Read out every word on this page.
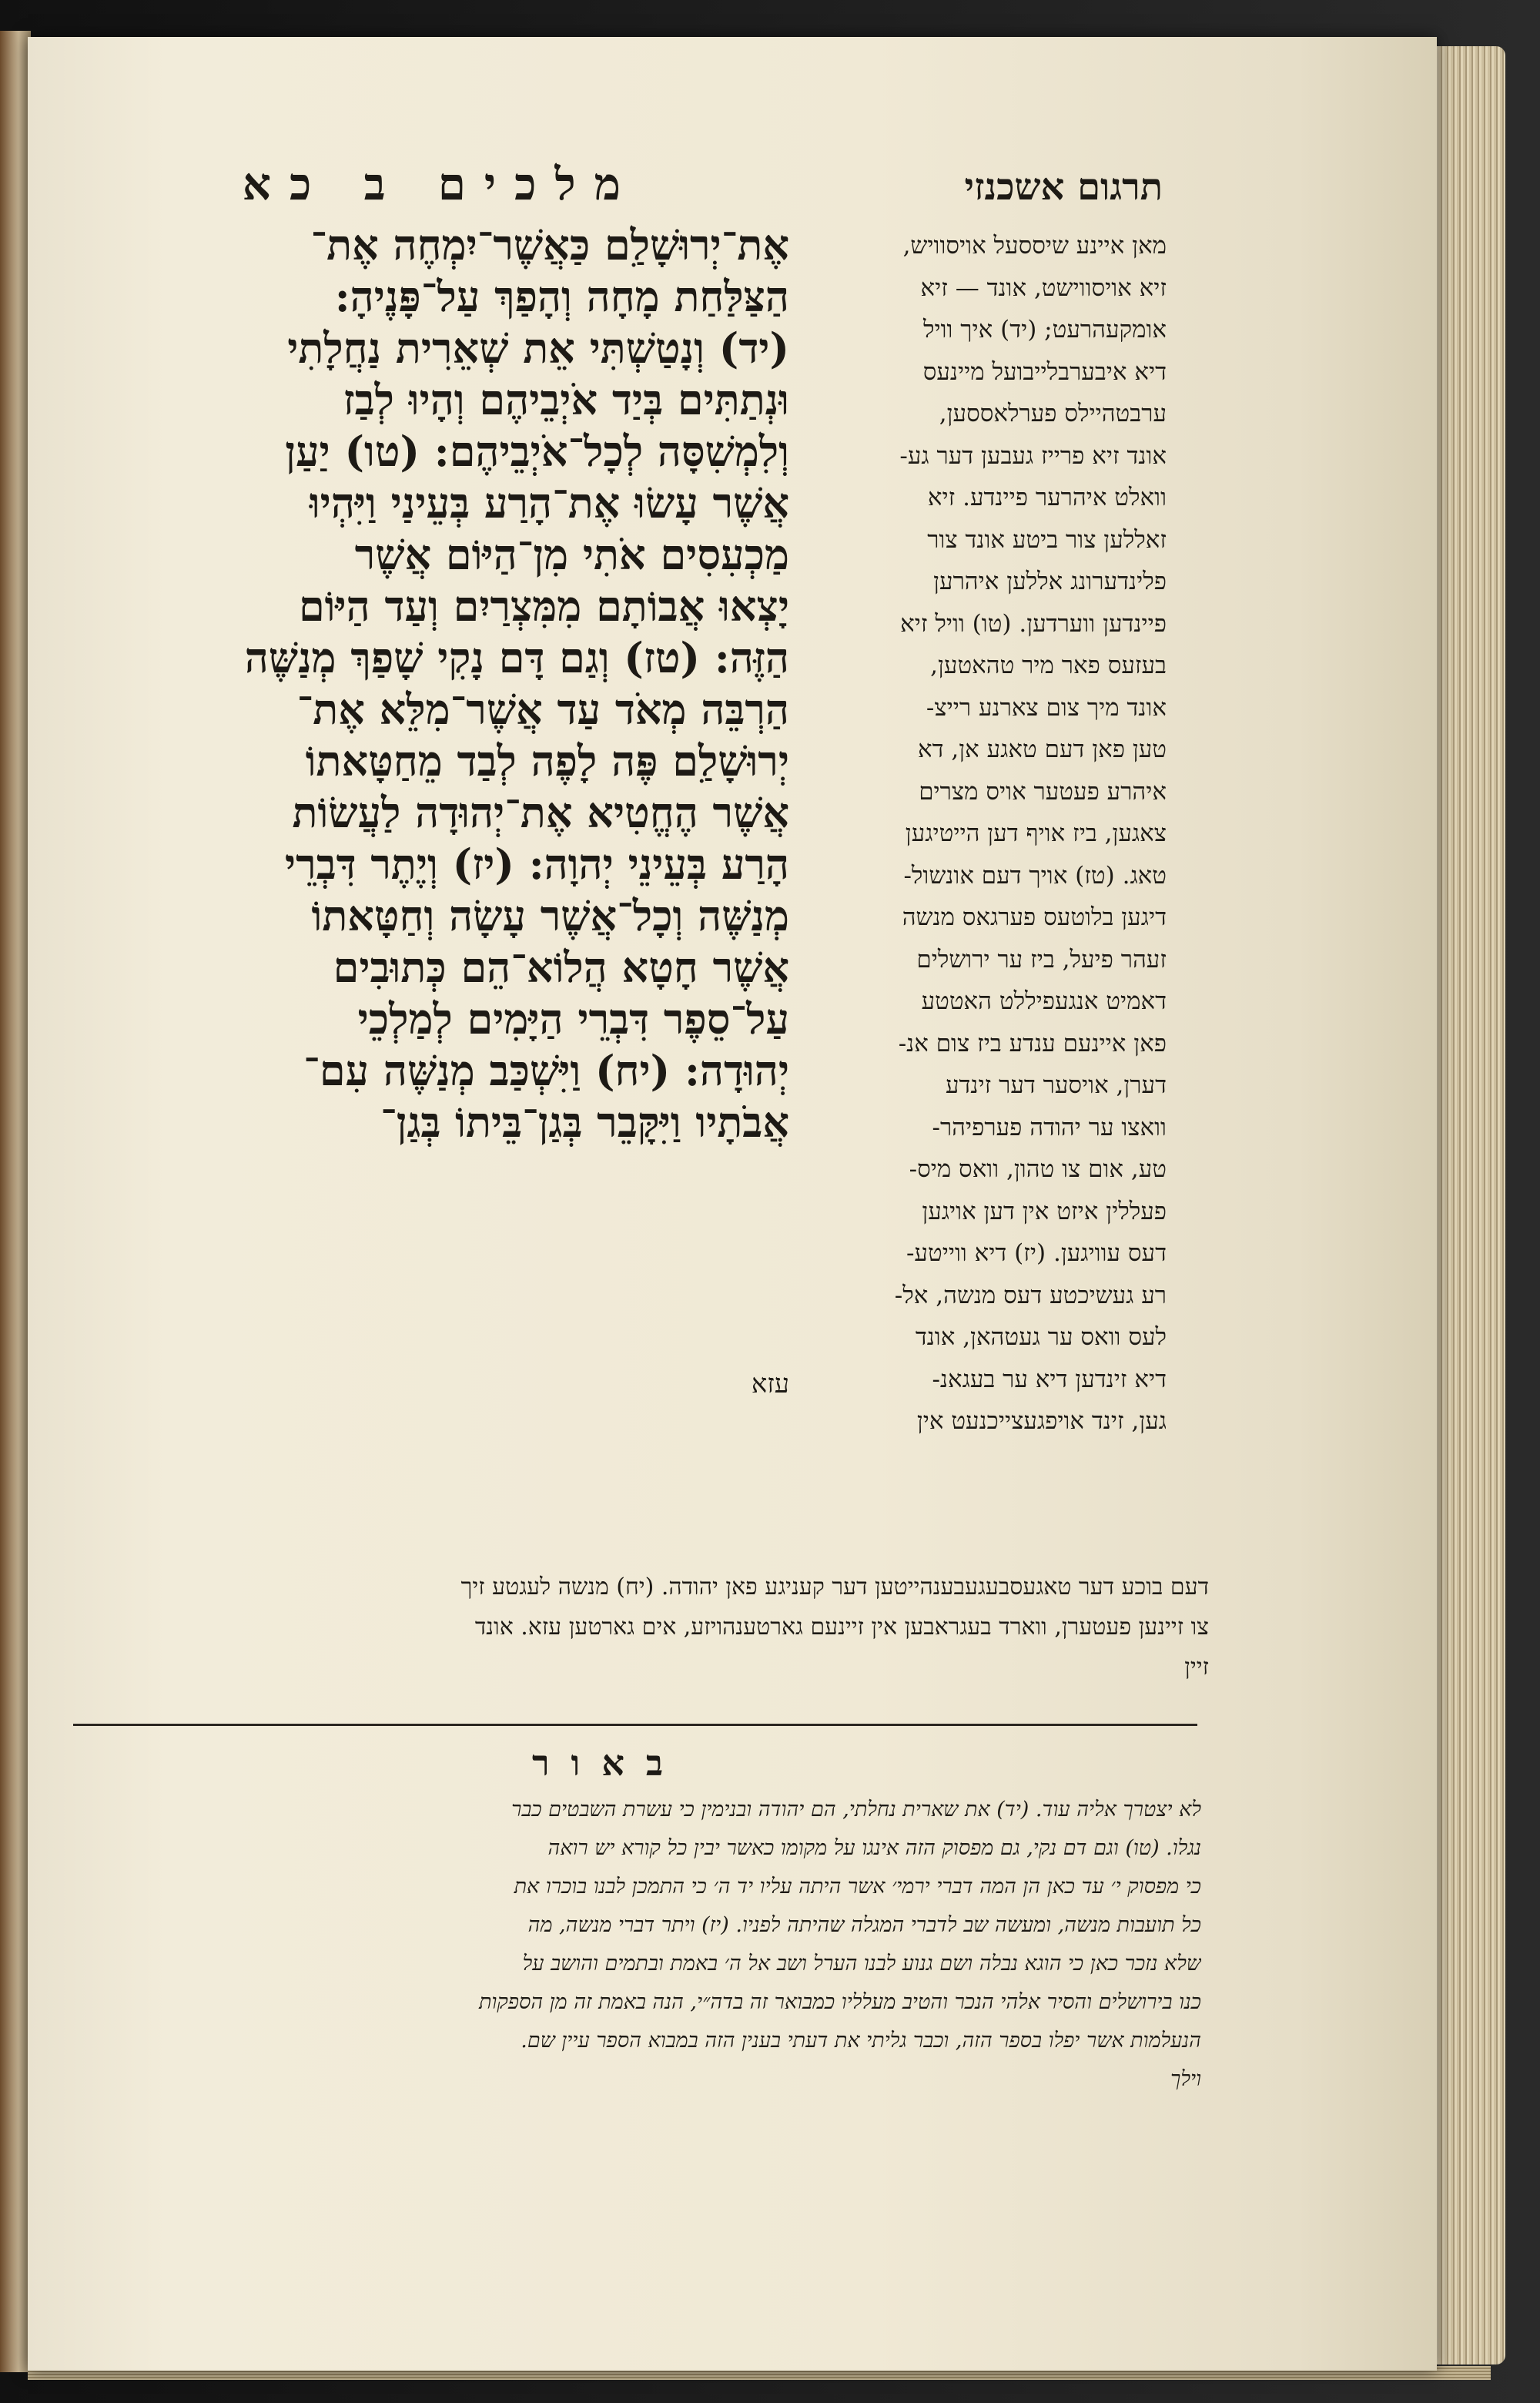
תרגום אשכנזי
מלכים ב כא
אֶת־יְרוּשָׁלִַם כַּאֲשֶׁר־יִמְחֶה אֶת־
הַצַּלַּחַת מָחָה וְהָפַךְ עַל־פָּנֶיהָ:
(יד) וְנָטַשְׁתִּי אֵת שְׁאֵרִית נַחֲלָתִי
וּנְתַתִּים בְּיַד אֹיְבֵיהֶם וְהָיוּ לְבַז
וְלִמְשִׁסָּה לְכָל־אֹיְבֵיהֶם: (טו) יַעַן
אֲשֶׁר עָשׂוּ אֶת־הָרַע בְּעֵינַי וַיִּהְיוּ
מַכְעִסִים אֹתִי מִן־הַיּוֹם אֲשֶׁר
יָצְאוּ אֲבוֹתָם מִמִּצְרַיִם וְעַד הַיּוֹם
הַזֶּה: (טז) וְגַם דָּם נָקִי שָׁפַךְ מְנַשֶּׁה
הַרְבֵּה מְאֹד עַד אֲשֶׁר־מִלֵּא אֶת־
יְרוּשָׁלִַם פֶּה לָפֶה לְבַד מֵחַטָּאתוֹ
אֲשֶׁר הֶחֱטִיא אֶת־יְהוּדָה לַעֲשׂוֹת
הָרַע בְּעֵינֵי יְהוָה: (יז) וְיֶתֶר דִּבְרֵי
מְנַשֶּׁה וְכָל־אֲשֶׁר עָשָׂה וְחַטָּאתוֹ
אֲשֶׁר חָטָא הֲלוֹא־הֵם כְּתוּבִים
עַל־סֵפֶר דִּבְרֵי הַיָּמִים לְמַלְכֵי
יְהוּדָה: (יח) וַיִּשְׁכַּב מְנַשֶּׁה עִם־
אֲבֹתָיו וַיִּקָּבֵר בְּגַן־בֵּיתוֹ בְּגַן־
עזא
מאן איינע שיססעל אויסוויש,
זיא אויסווישט, אונד — זיא
אומקעהרעט; (יד) איך וויל
דיא איבערבלייבועל מיינעס
ערבטהיילס פערלאססען,
אונד זיא פרייז געבען דער גע-
וואלט איהרער פיינדע. זיא
זאללען צור ביטע אונד צור
פלינדערונג אללען איהרען
פיינדען ווערדען. (טו) וויל זיא
בעזעס פאר מיר טהאטען,
אונד מיך צום צארנע רייצ-
טען פאן דעם טאגע אן, דא
איהרע פעטער אויס מצרים
צאגען, ביז אויף דען הייטיגען
טאג. (טז) אויך דעם אונשול-
דיגען בלוטעס פערגאס מנשה
זעהר פיעל, ביז ער ירושלים
דאמיט אנגעפיללט האטטע
פאן איינעם ענדע ביז צום אנ-
דערן, אויסער דער זינדע
וואצו ער יהודה פערפיהר-
טע, אום צו טהון, וואס מיס-
פעללין איזט אין דען אויגען
דעס עוויגען. (יז) דיא ווייטע-
רע געשיכטע דעס מנשה, אל-
לעס וואס ער געטהאן, אונד
דיא זינדען דיא ער בעגאנ-
גען, זינד אויפגעצייכנעט אין
דעם בוכע דער טאגעסבעגעבענהייטען דער קעניגע פאן יהודה. (יח) מנשה לעגטע זיך
צו זיינען פעטערן, ווארד בעגראבען אין זיינעם גארטענהויזע, אים גארטען עזא. אונד
זיין
באור
לא יצטרך אליה עוד. (יד) את שארית נחלתי, הם יהודה ובנימין כי עשרת השבטים כבר
נגלו. (טו) וגם דם נקי, גם מפסוק הזה אינגו על מקומו כאשר יבין כל קורא יש רואה
כי מפסוק י׳ עד כאן הן המה דברי ירמי׳ אשר היתה עליו יד ה׳ כי התמכן לבנו בוכרו את
כל תועבות מנשה, ומעשה שב לדברי המגלה שהיתה לפניו. (יז) ויתר דברי מנשה, מה
שלא נזכר כאן כי הוגא נבלה ושם גנוע לבנו הערל ושב אל ה׳ באמת ובתמים והושב על
כנו בירושלים והסיר אלהי הנכר והטיב מעלליו כמבואר זה בדה״י, הנה באמת זה מן הספקות
הנעלמות אשר יפלו בספר הזה, וכבר גליתי את דעתי בענין הזה במבוא הספר עיין שם.
וילך
